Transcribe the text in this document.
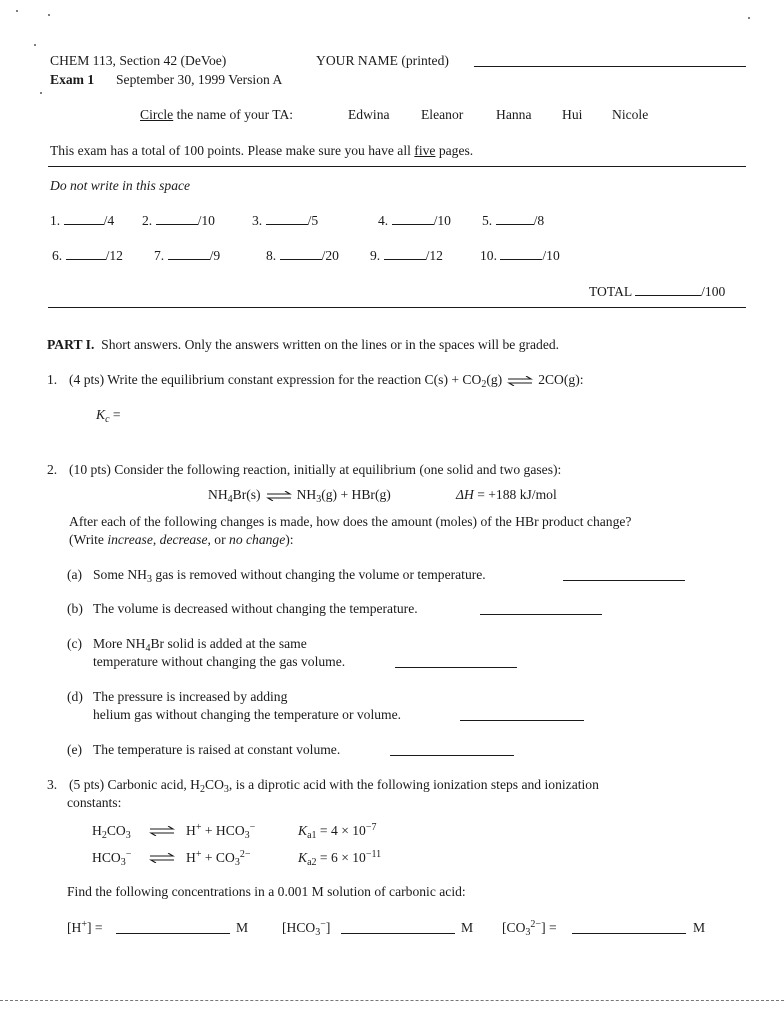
CHEM 113, Section 42 (DeVoe)	YOUR NAME (printed)
Exam 1 September 30, 1999 Version A
Circle the name of your TA:	Edwina Eleanor Hanna Hui Nicole
This exam has a total of 100 points. Please make sure you have all five pages.
Do not write in this space
1.	/4 2.	/10	3.	/5	4.	/10 5.	/8
6.	/12 7.	/9	8.	/20 9.	/12	10.	/10
TOTAL	/100
PART I. Short answers. Only the answers written on the lines or in the spaces will be graded.
1. (4 pts) Write the equilibrium constant expression for the reaction $C(s) + CO_2(g)$ ⇌ 2CO(g):
$K_c$ =
2. (10 pts) Consider the following reaction, initially at equilibrium (one solid and two gases):
$NH_4Br(s)$ ⇌ $NH_3(g) + HBr(g)$	ΔH = +188 kJ/mol
After each of the following changes is made, how does the amount (moles) of the HBr product change?
(Write increase, decrease, or no change):
(a) Some $NH_3$ gas is removed without changing the volume or temperature.
(b) The volume is decreased without changing the temperature.
(c) More $NH_4Br$ solid is added at the same
temperature without changing the gas volume.
(d) The pressure is increased by adding
helium gas without changing the temperature or volume.
(e) The temperature is raised at constant volume.
3. (5 pts) Carbonic acid, $H_2CO_3$, is a diprotic acid with the following ionization steps and ionization
constants:
$H_2CO_3$ ⇌ $H^+ + HCO_3^-$	$K_{a1} = 4 \times 10^{-7}$
$HCO_3^-$ ⇌ $H^+ + CO_3^{2-}$	$K_{a2} = 6 \times 10^{-11}$
Find the following concentrations in a 0.001 M solution of carbonic acid:
[H+] =	M $[HCO_3^-]$	M $[CO_3^{2-}]$ =	M
